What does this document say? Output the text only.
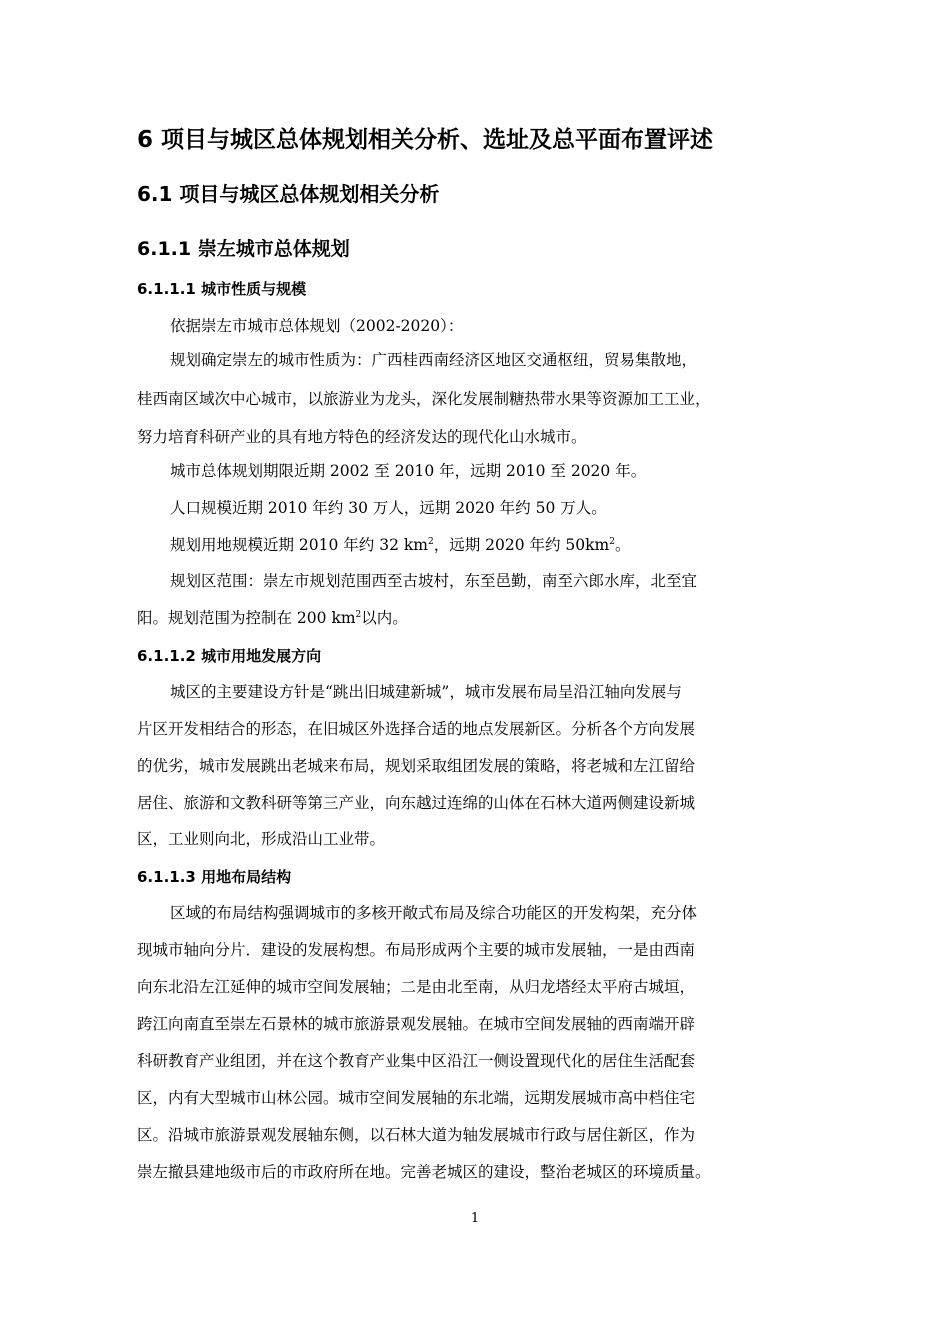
6 项目与城区总体规划相关分析、选址及总平面布置评述
6.1 项目与城区总体规划相关分析
6.1.1 崇左城市总体规划
6.1.1.1 城市性质与规模
依据崇左市城市总体规划（2002-2020）：
规划确定崇左的城市性质为：广西桂西南经济区地区交通枢纽，贸易集散地，
桂西南区域次中心城市，以旅游业为龙头，深化发展制糖热带水果等资源加工工业，
努力培育科研产业的具有地方特色的经济发达的现代化山水城市。
城市总体规划期限近期 2002 至 2010 年，远期 2010 至 2020 年。
人口规模近期 2010 年约 30 万人，远期 2020 年约 50 万人。
规划用地规模近期 2010 年约 32 $km^2$，远期 2020 年约 $50km^2$。
规划区范围：崇左市规划范围西至古坡村，东至邑勤，南至六郎水库，北至宜
阳。规划范围为控制在 200 $km^2$以内。
6.1.1.2 城市用地发展方向
城区的主要建设方针是“跳出旧城建新城”，城市发展布局呈沿江轴向发展与
片区开发相结合的形态，在旧城区外选择合适的地点发展新区。分析各个方向发展
的优劣，城市发展跳出老城来布局，规划采取组团发展的策略，将老城和左江留给
居住、旅游和文教科研等第三产业，向东越过连绵的山体在石林大道两侧建设新城
区，工业则向北，形成沿山工业带。
6.1.1.3 用地布局结构
区域的布局结构强调城市的多核开敞式布局及综合功能区的开发构架，充分体
现城市轴向分片．建设的发展构想。布局形成两个主要的城市发展轴，一是由西南
向东北沿左江延伸的城市空间发展轴；二是由北至南，从归龙塔经太平府古城垣，
跨江向南直至崇左石景林的城市旅游景观发展轴。在城市空间发展轴的西南端开辟
科研教育产业组团，并在这个教育产业集中区沿江一侧设置现代化的居住生活配套
区，内有大型城市山林公园。城市空间发展轴的东北端，远期发展城市高中档住宅
区。沿城市旅游景观发展轴东侧，以石林大道为轴发展城市行政与居住新区，作为
崇左撤县建地级市后的市政府所在地。完善老城区的建设，整治老城区的环境质量。
1
